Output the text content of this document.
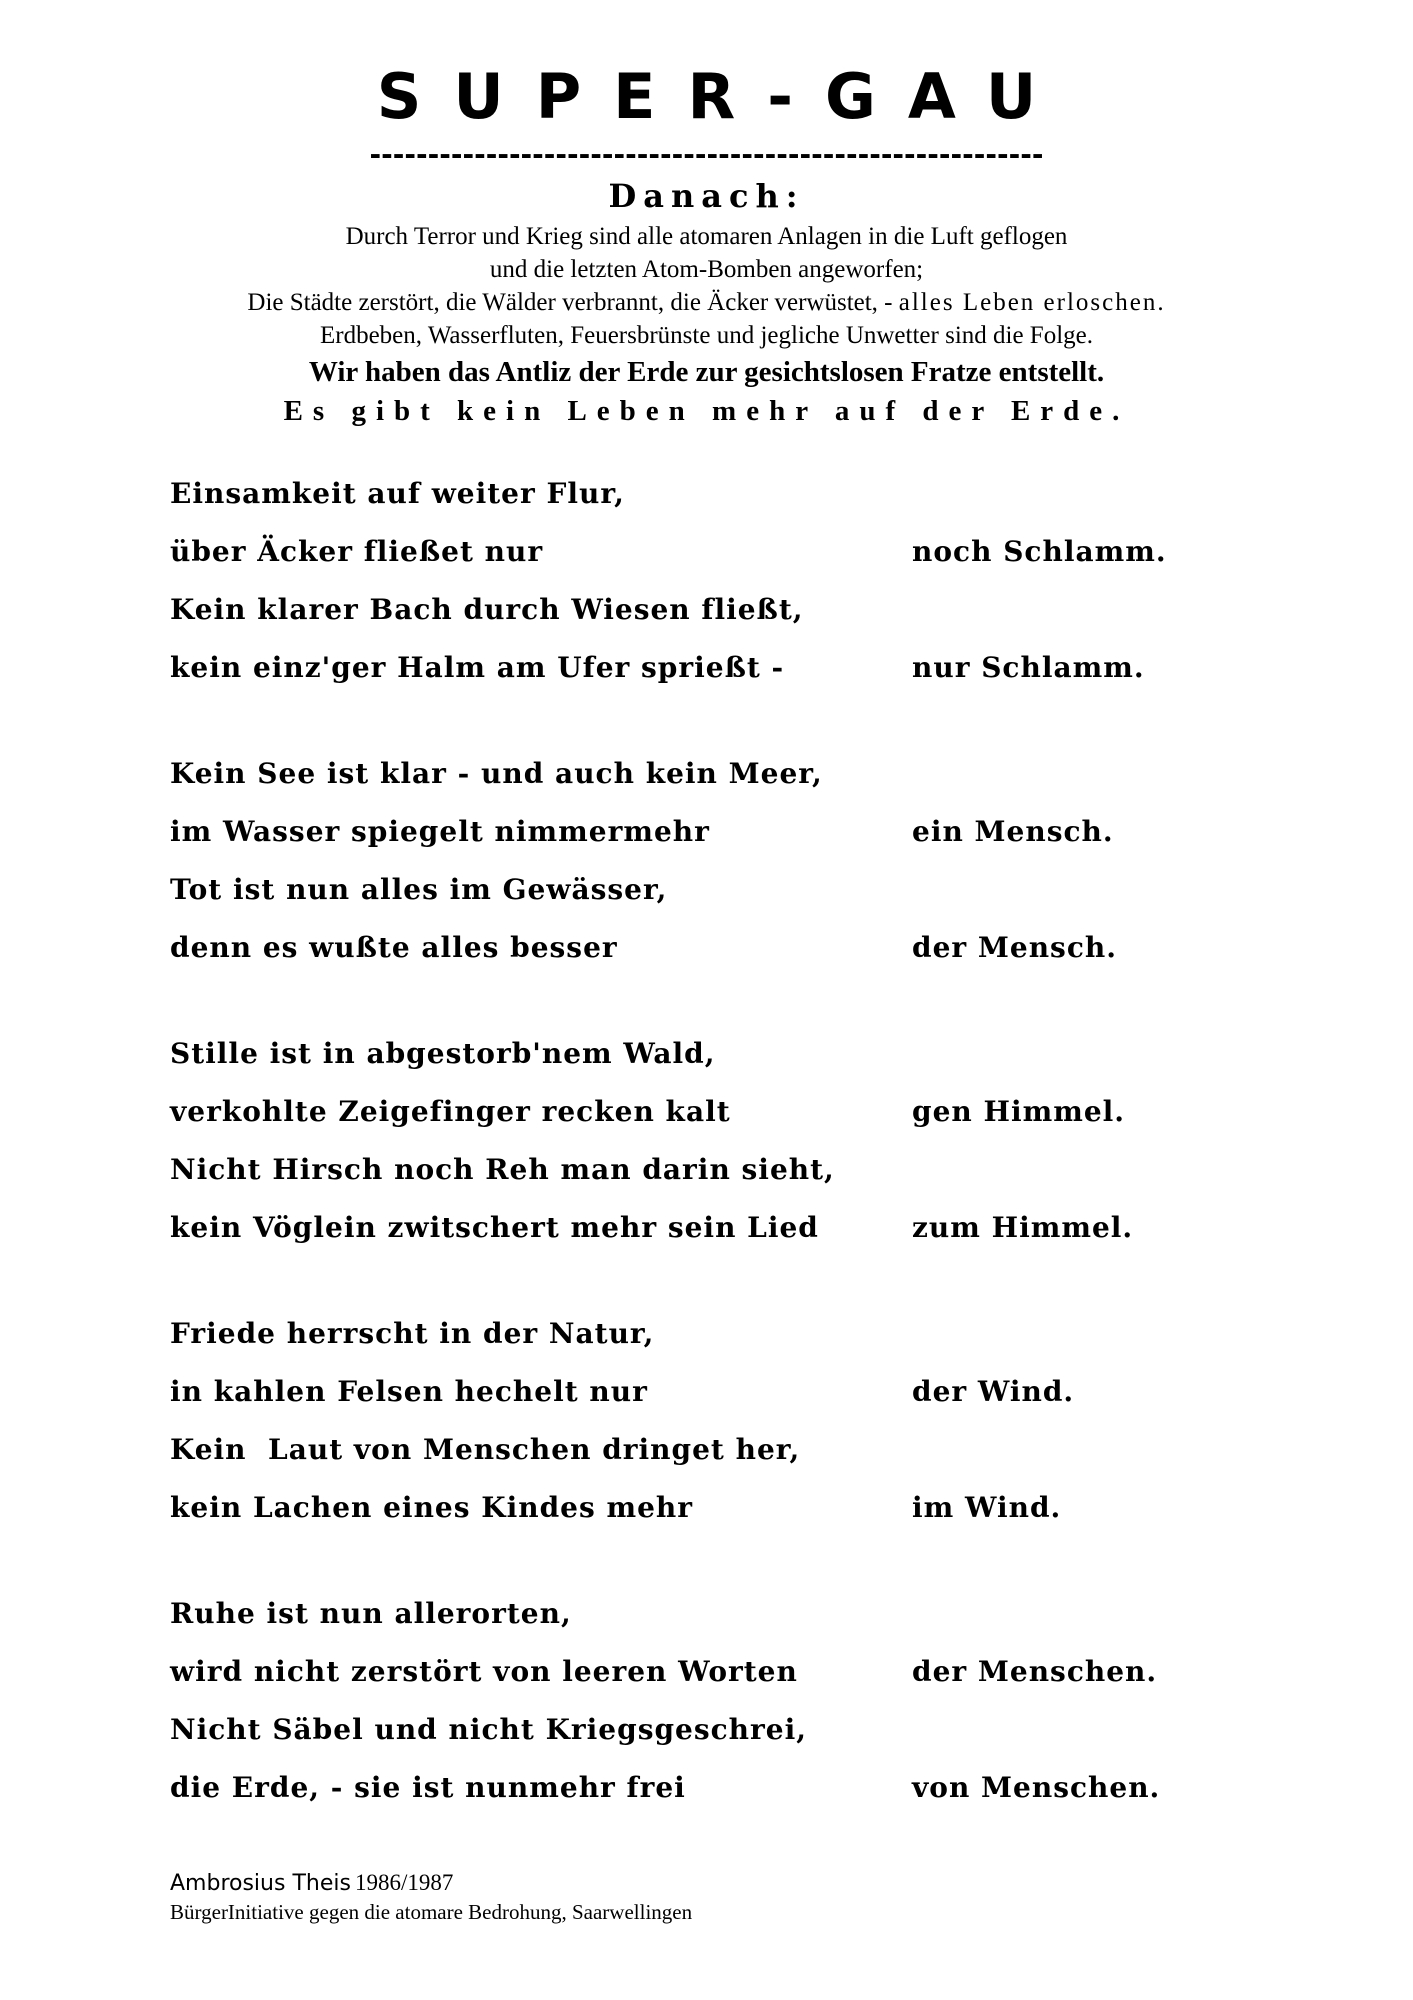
SUPER-GAU
----------------------------------------------------------
Danach:
Durch Terror und Krieg sind alle atomaren Anlagen in die Luft geflogen
und die letzten Atom-Bomben angeworfen;
Die Städte zerstört, die Wälder verbrannt, die Äcker verwüstet, - alles Leben erloschen.
Erdbeben, Wasserfluten, Feuersbrünste und jegliche Unwetter sind die Folge.
Wir haben das Antliz der Erde zur gesichtslosen Fratze entstellt.
Es gibt kein Leben mehr auf der Erde.
Einsamkeit auf weiter Flur,
über Äcker fließet nur	noch Schlamm.
Kein klarer Bach durch Wiesen fließt,
kein einz'ger Halm am Ufer sprießt -	nur Schlamm.
Kein See ist klar - und auch kein Meer,
im Wasser spiegelt nimmermehr	ein Mensch.
Tot ist nun alles im Gewässer,
denn es wußte alles besser	der Mensch.
Stille ist in abgestorb'nem Wald,
verkohlte Zeigefinger recken kalt	gen Himmel.
Nicht Hirsch noch Reh man darin sieht,
kein Vöglein zwitschert mehr sein Lied	zum Himmel.
Friede herrscht in der Natur,
in kahlen Felsen hechelt nur	der Wind.
Kein  Laut von Menschen dringet her,
kein Lachen eines Kindes mehr	im Wind.
Ruhe ist nun allerorten,
wird nicht zerstört von leeren Worten	der Menschen.
Nicht Säbel und nicht Kriegsgeschrei,
die Erde, - sie ist nunmehr frei	von Menschen.
Ambrosius Theis 1986/1987
BürgerInitiative gegen die atomare Bedrohung, Saarwellingen
